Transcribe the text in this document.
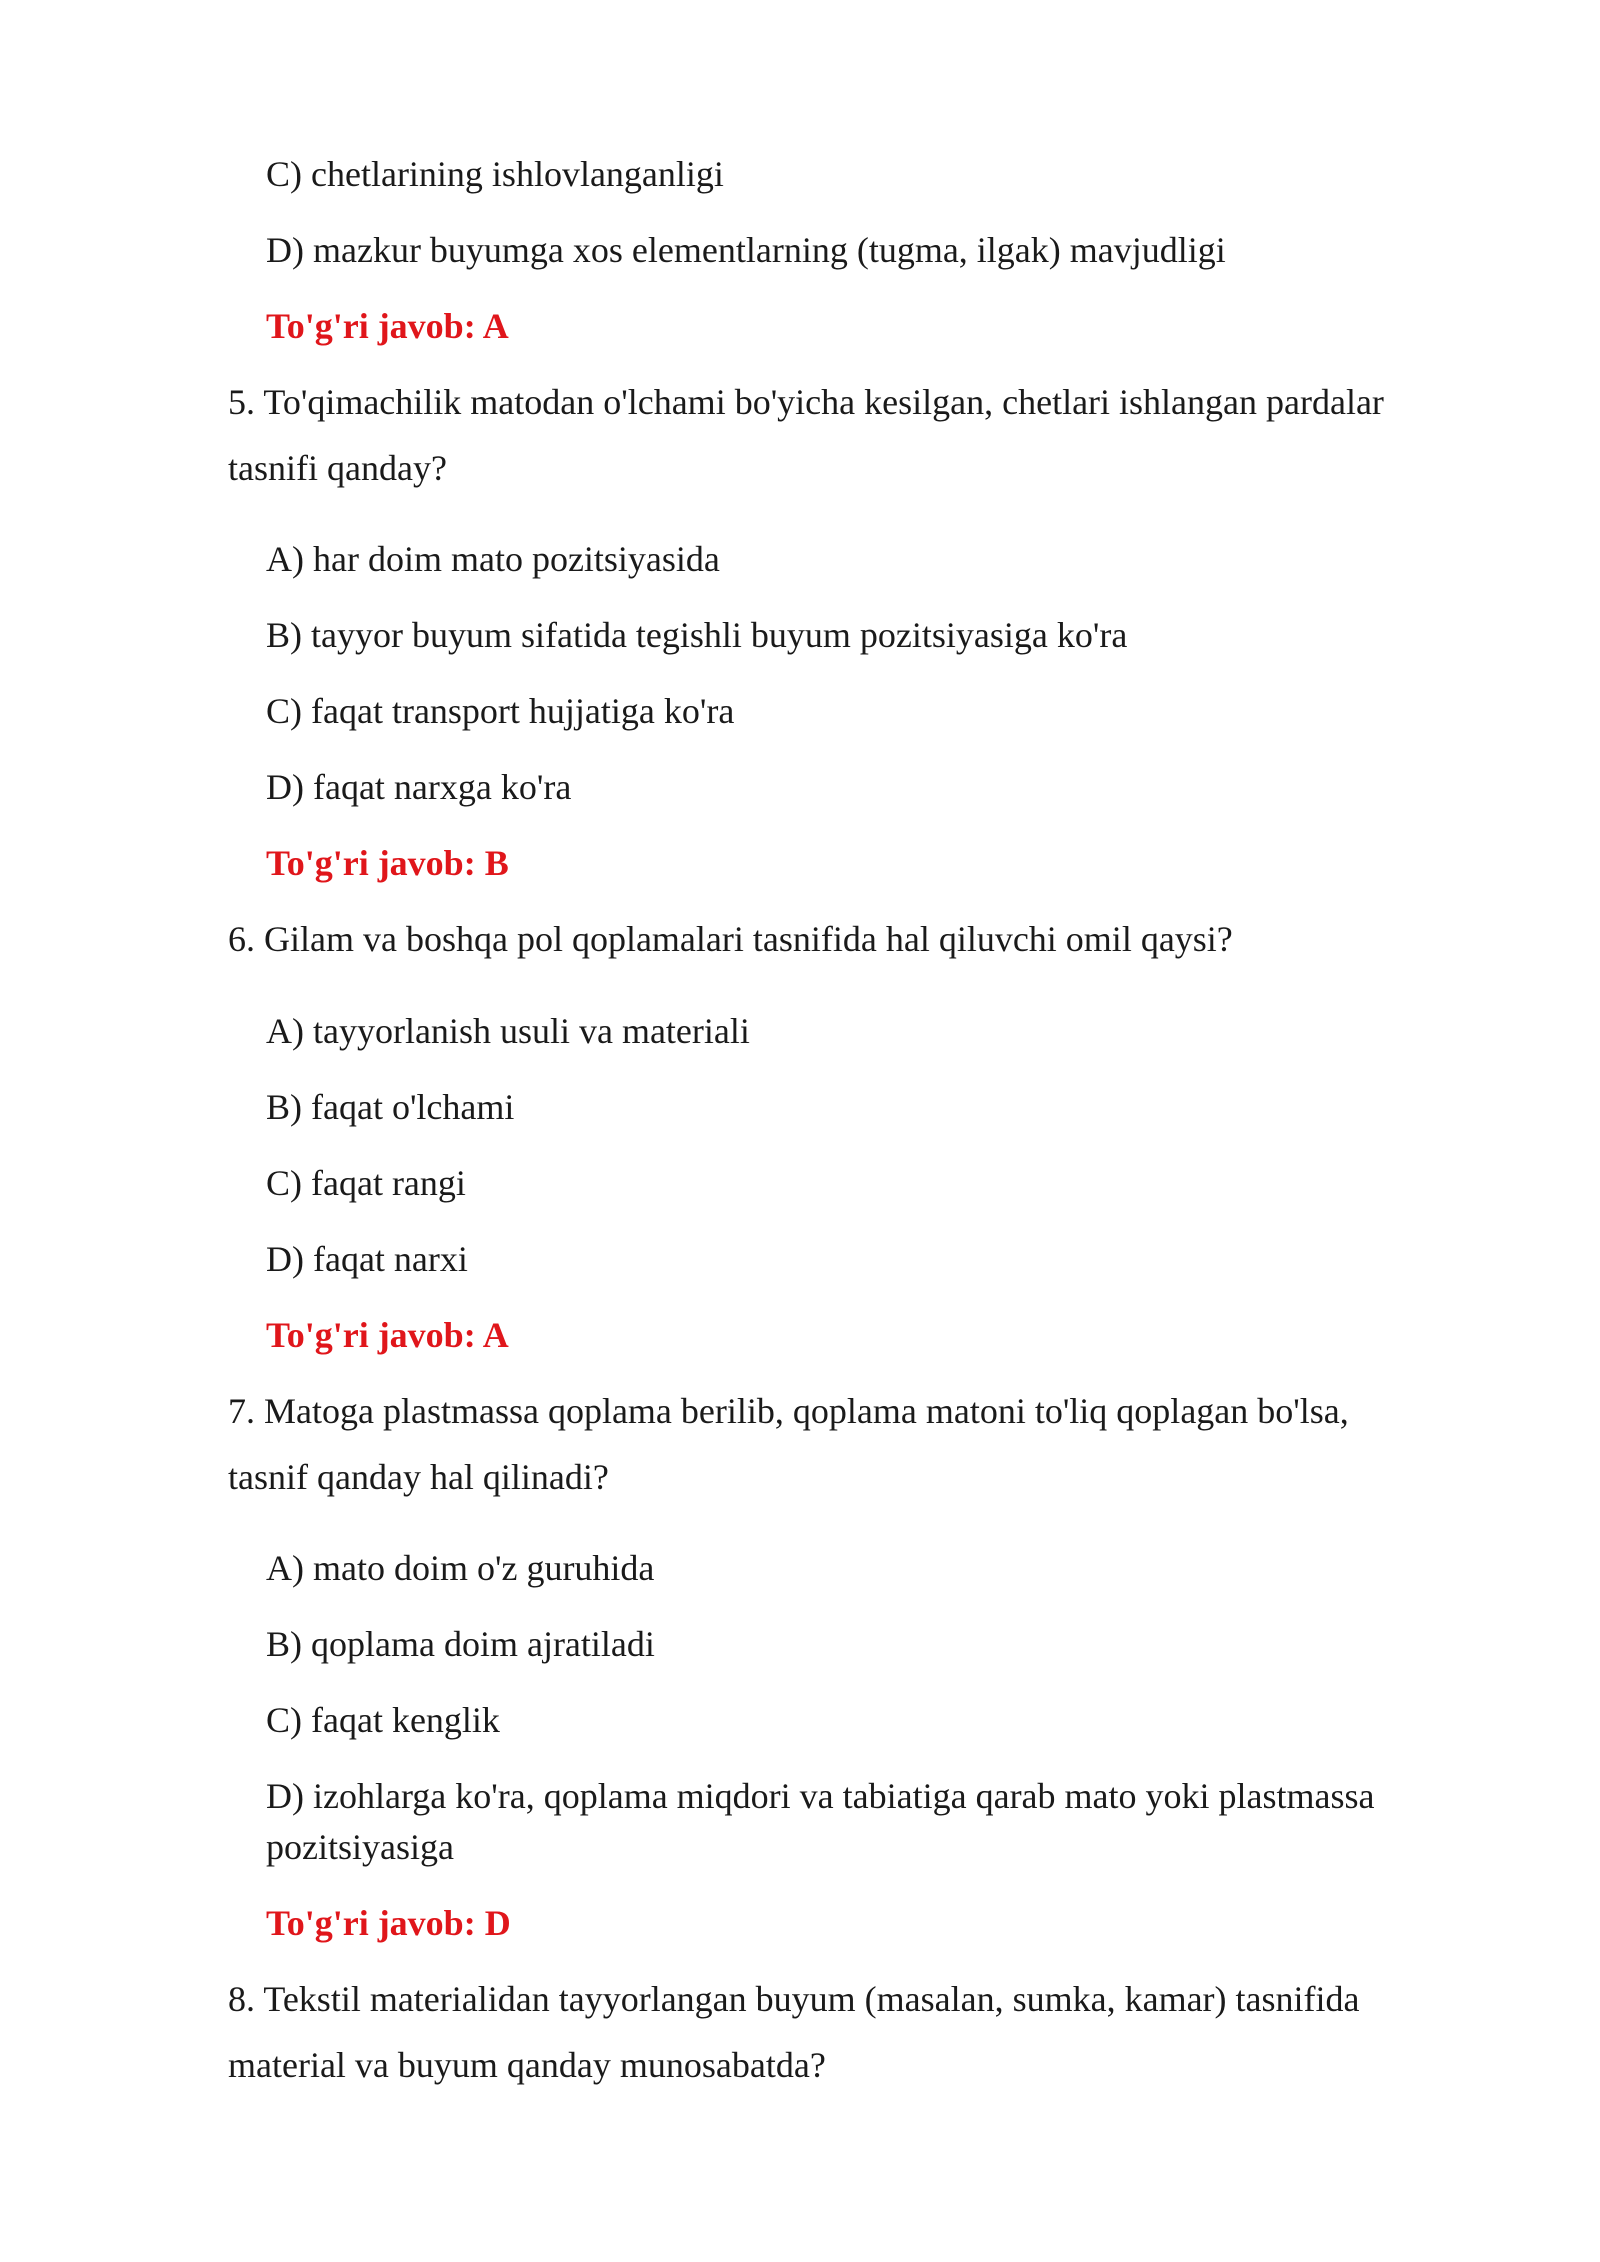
C) chetlarining ishlovlanganligi
D) mazkur buyumga xos elementlarning (tugma, ilgak) mavjudligi
To'g'ri javob: A
5. To'qimachilik matodan o'lchami bo'yicha kesilgan, chetlari ishlangan pardalar
tasnifi qanday?
A) har doim mato pozitsiyasida
B) tayyor buyum sifatida tegishli buyum pozitsiyasiga ko'ra
C) faqat transport hujjatiga ko'ra
D) faqat narxga ko'ra
To'g'ri javob: B
6. Gilam va boshqa pol qoplamalari tasnifida hal qiluvchi omil qaysi?
A) tayyorlanish usuli va materiali
B) faqat o'lchami
C) faqat rangi
D) faqat narxi
To'g'ri javob: A
7. Matoga plastmassa qoplama berilib, qoplama matoni to'liq qoplagan bo'lsa,
tasnif qanday hal qilinadi?
A) mato doim o'z guruhida
B) qoplama doim ajratiladi
C) faqat kenglik
D) izohlarga ko'ra, qoplama miqdori va tabiatiga qarab mato yoki plastmassa
pozitsiyasiga
To'g'ri javob: D
8. Tekstil materialidan tayyorlangan buyum (masalan, sumka, kamar) tasnifida
material va buyum qanday munosabatda?
